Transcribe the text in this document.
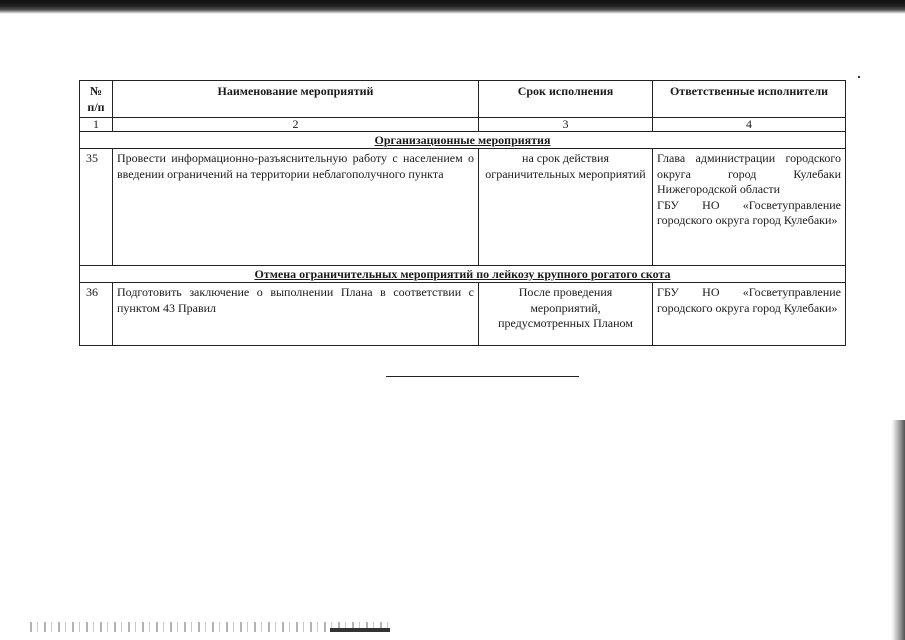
№ п/п	Наименование мероприятий	Срок исполнения	Ответственные исполнители
1	2	3	4
Организационные мероприятия			
35	Провести информационно-разъяснительную работу с населением о введении ограничений на территории неблагополучного пункта	на срок действия ограничительных мероприятий	Глава администрации городского округа город Кулебаки Нижегородской области
ГБУ НО «Госветуправление городского округа город Кулебаки»

Отмена ограничительных мероприятий по лейкозу крупного рогатого скота			
36	Подготовить заключение о выполнении Плана в соответствии с пунктом 43 Правил	После проведения мероприятий, предусмотренных Планом	ГБУ НО «Госветуправление городского округа город Кулебаки»
